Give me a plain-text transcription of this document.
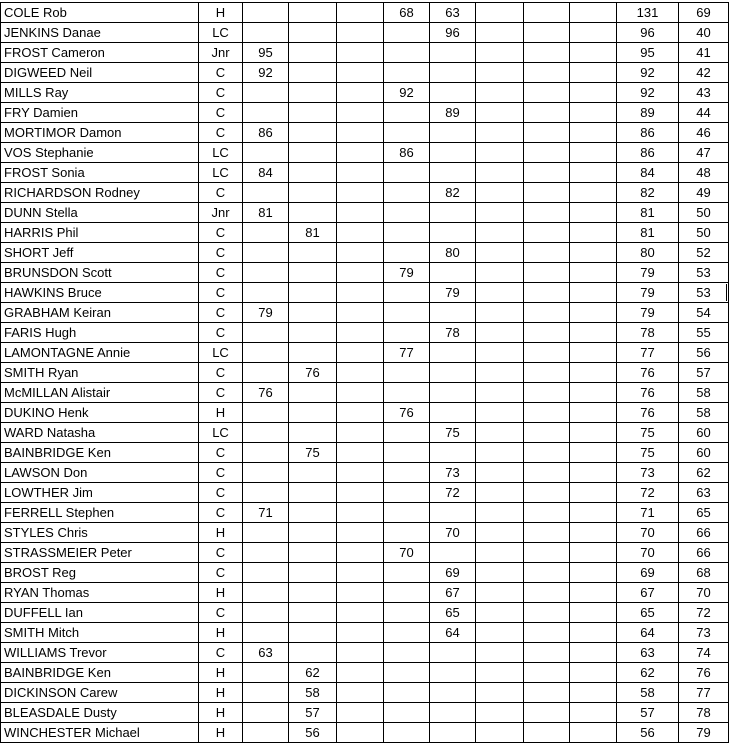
COLE Rob	H				68	63				131	69
JENKINS Danae	LC					96				96	40
FROST Cameron	Jnr	95								95	41
DIGWEED Neil	C	92								92	42
MILLS Ray	C				92					92	43
FRY Damien	C					89				89	44
MORTIMOR Damon	C	86								86	46
VOS Stephanie	LC				86					86	47
FROST Sonia	LC	84								84	48
RICHARDSON Rodney	C					82				82	49
DUNN Stella	Jnr	81								81	50
HARRIS Phil	C		81							81	50
SHORT Jeff	C					80				80	52
BRUNSDON Scott	C				79					79	53
HAWKINS Bruce	C					79				79	53
GRABHAM Keiran	C	79								79	54
FARIS Hugh	C					78				78	55
LAMONTAGNE Annie	LC				77					77	56
SMITH Ryan	C		76							76	57
McMILLAN Alistair	C	76								76	58
DUKINO Henk	H				76					76	58
WARD Natasha	LC					75				75	60
BAINBRIDGE Ken	C		75							75	60
LAWSON Don	C					73				73	62
LOWTHER Jim	C					72				72	63
FERRELL Stephen	C	71								71	65
STYLES Chris	H					70				70	66
STRASSMEIER Peter	C				70					70	66
BROST Reg	C					69				69	68
RYAN Thomas	H					67				67	70
DUFFELL Ian	C					65				65	72
SMITH Mitch	H					64				64	73
WILLIAMS Trevor	C	63								63	74
BAINBRIDGE Ken	H		62							62	76
DICKINSON Carew	H		58							58	77
BLEASDALE Dusty	H		57							57	78
WINCHESTER Michael	H		56							56	79
